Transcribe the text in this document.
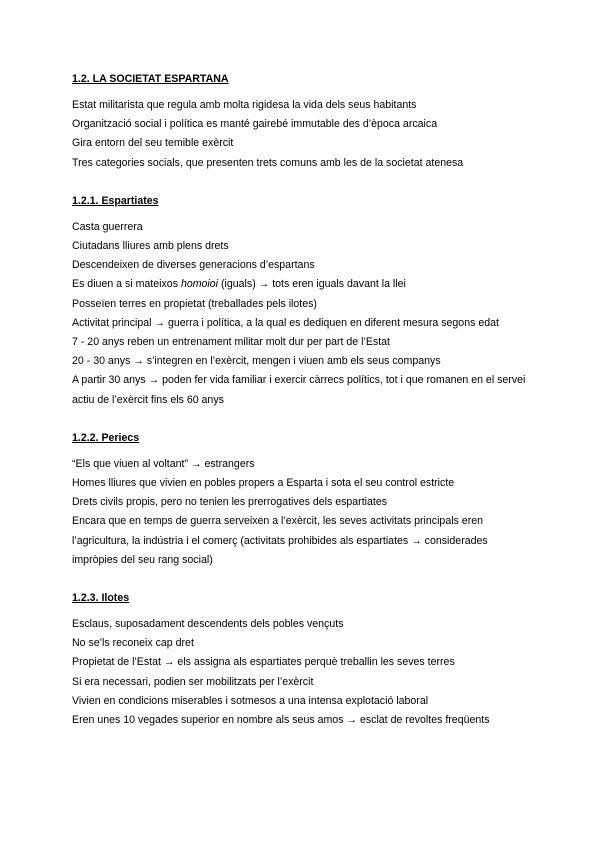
1.2. LA SOCIETAT ESPARTANA
Estat militarista que regula amb molta rigidesa la vida dels seus habitants
Organització social i política es manté gairebé immutable des d’època arcaica
Gira entorn del seu temible exèrcit
Tres categories socials, que presenten trets comuns amb les de la societat atenesa
1.2.1. Espartiates
Casta guerrera
Ciutadans lliures amb plens drets
Descendeixen de diverses generacions d’espartans
Es diuen a si mateixos homoioi (iguals) → tots eren iguals davant la llei
Posseïen terres en propietat (treballades pels ilotes)
Activitat principal → guerra i política, a la qual es dediquen en diferent mesura segons edat
7 - 20 anys reben un entrenament militar molt dur per part de l’Estat
20 - 30 anys → s’integren en l’exèrcit, mengen i viuen amb els seus companys
A partir 30 anys → poden fer vida familiar i exercir càrrecs polítics, tot i que romanen en el servei actiu de l’exèrcit fins els 60 anys
1.2.2. Periecs
“Els que viuen al voltant” → estrangers
Homes lliures que vivien en pobles propers a Esparta i sota el seu control estricte
Drets civils propis, pero no tenien les prerrogatives dels espartiates
Encara que en temps de guerra serveixen a l’exèrcit, les seves activitats principals eren l’agricultura, la indústria i el comerç (activitats prohibides als espartiates → considerades impròpies del seu rang social)
1.2.3. Ilotes
Esclaus, suposadament descendents dels pobles vençuts
No se’ls reconeix cap dret
Propietat de l’Estat → els assigna als espartiates perquè treballin les seves terres
Si era necessari, podien ser mobilitzats per l’exèrcit
Vivien en condicions miserables i sotmesos a una intensa explotació laboral
Eren unes 10 vegades superior en nombre als seus amos → esclat de revoltes freqüents
